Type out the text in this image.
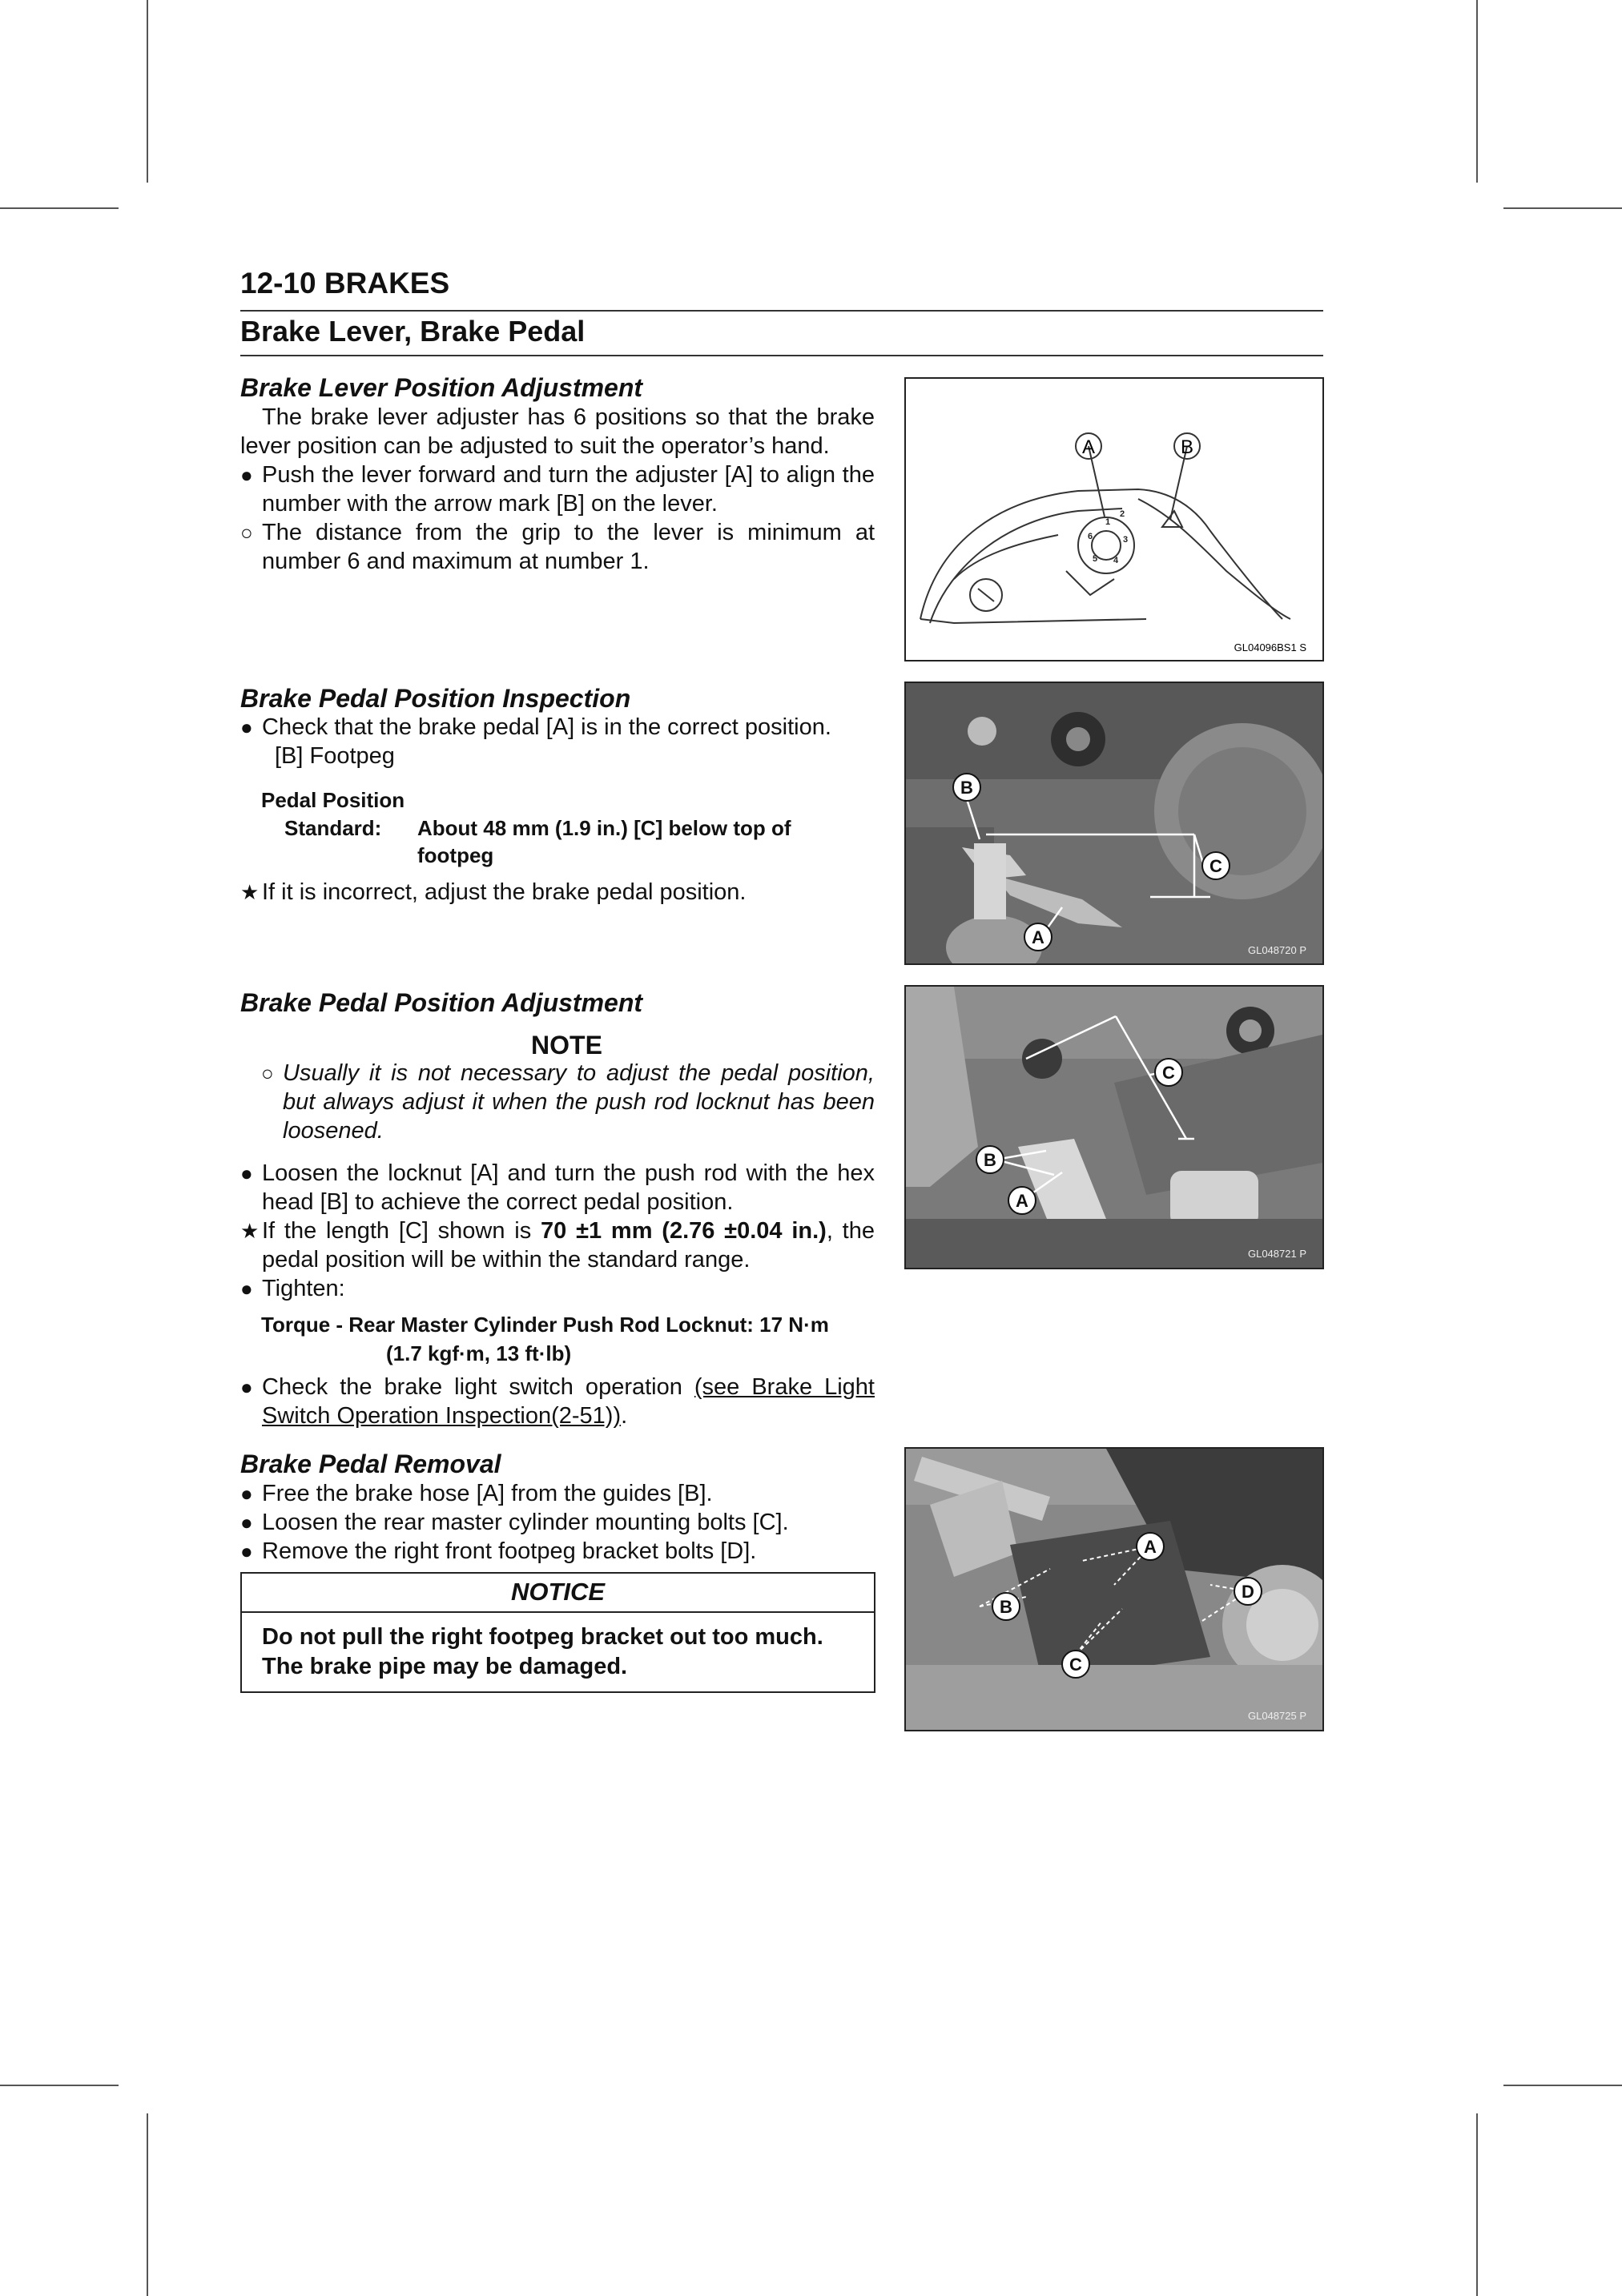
12-10 BRAKES
Brake Lever, Brake Pedal
Brake Lever Position Adjustment

The brake lever adjuster has 6 positions so that the brake lever position can be adjusted to suit the operator’s hand.

● Push the lever forward and turn the adjuster [A] to align the number with the arrow mark [B] on the lever.
○ The distance from the grip to the lever is minimum at number 6 and maximum at number 1.
A	B
1
2
3
4
5
6
GL04096BS1 S
Brake Pedal Position Inspection
● Check that the brake pedal [A] is in the correct position.

[B] Footpeg

Pedal Position
Standard: About 48 mm (1.9 in.) [C] below top of footpeg
★ If it is incorrect, adjust the brake pedal position.
B
A
C
GL048720 P
Brake Pedal Position Adjustment
NOTE
○ Usually it is not necessary to adjust the pedal position, but always adjust it when the push rod locknut has been loosened.
● Loosen the locknut [A] and turn the push rod with the hex head [B] to achieve the correct pedal position.
★ If the length [C] shown is 70 ±1 mm (2.76 ±0.04 in.), the pedal position will be within the standard range.
● Tighten:
Torque - Rear Master Cylinder Push Rod Locknut: 17 N·m
(1.7 kgf·m, 13 ft·lb)
● Check the brake light switch operation (see Brake Light Switch Operation Inspection(2-51)).
C
B
A
GL048721 P
Brake Pedal Removal
● Free the brake hose [A] from the guides [B].
● Loosen the rear master cylinder mounting bolts [C].
● Remove the right front footpeg bracket bolts [D].
NOTICE
Do not pull the right footpeg bracket out too much. The brake pipe may be damaged.
A
D
B
C
GL048725 P
